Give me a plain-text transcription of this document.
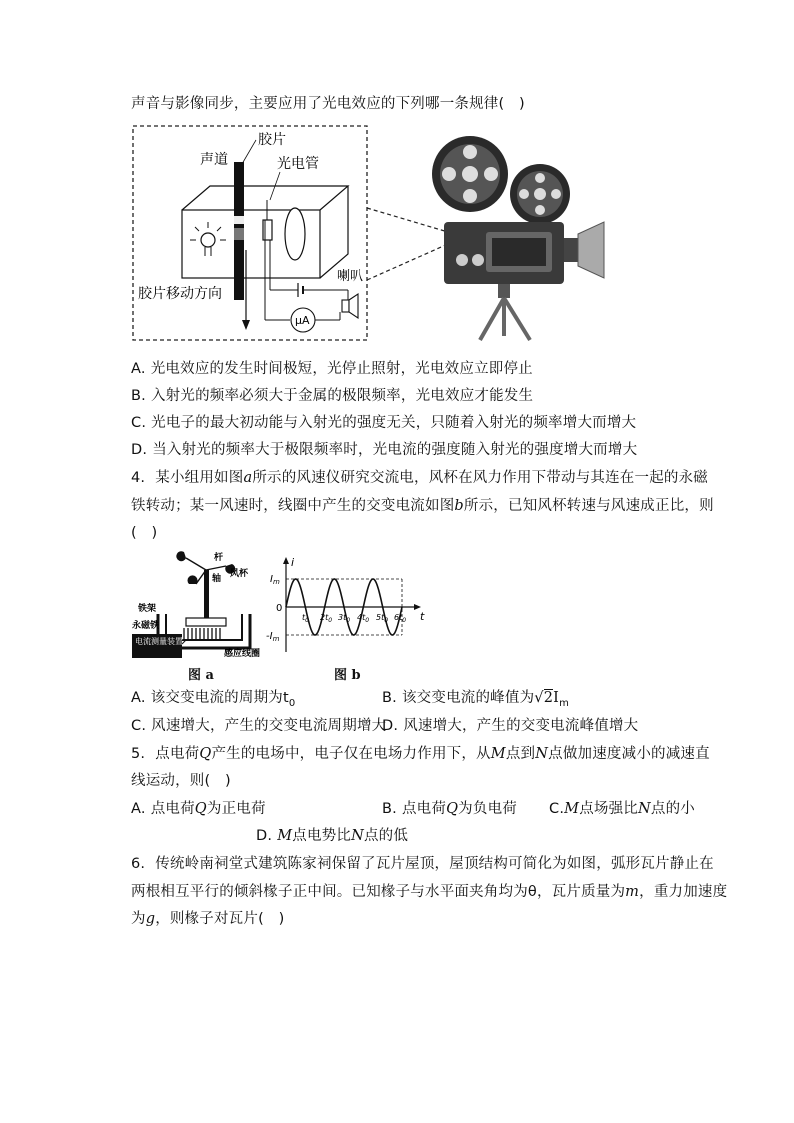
声音与影像同步，主要应用了光电效应的下列哪一条规律(　)
胶片
声道	光电管
喇叭
胶片移动方向
μA
A. 光电效应的发生时间极短，光停止照射，光电效应立即停止
B. 入射光的频率必须大于金属的极限频率，光电效应才能发生
C. 光电子的最大初动能与入射光的强度无关，只随着入射光的频率增大而增大
D. 当入射光的频率大于极限频率时，光电流的强度随入射光的强度增大而增大
4. 某小组用如图a所示的风速仪研究交流电，风杯在风力作用下带动与其连在一起的永磁
铁转动；某一风速时，线圈中产生的交变电流如图b所示，已知风杯转速与风速成正比，则
(　)
电流测量装置
杆
轴 风杯
铁架
永磁铁
感应线圈
图 a
i
t
$I_m$
$-I_m$
0
$t_0$ $2t_0$ $3t_0$ $4t_0$ $5t_0$ $6t_0$
图 b
A. 该交变电流的周期为$t_0$	B. 该交变电流的峰值为$√2I_m$
C. 风速增大，产生的交变电流周期增大
D. 风速增大，产生的交变电流峰值增大
5. 点电荷Q产生的电场中，电子仅在电场力作用下，从M点到N点做加速度减小的减速直
线运动，则(　)
A. 点电荷Q为正电荷	B. 点电荷Q为负电荷 C.M点场强比N点的小
D. M点电势比N点的低
6. 传统岭南祠堂式建筑陈家祠保留了瓦片屋顶，屋顶结构可简化为如图，弧形瓦片静止在
两根相互平行的倾斜椽子正中间。已知椽子与水平面夹角均为θ，瓦片质量为m，重力加速度
为g，则椽子对瓦片(　)
